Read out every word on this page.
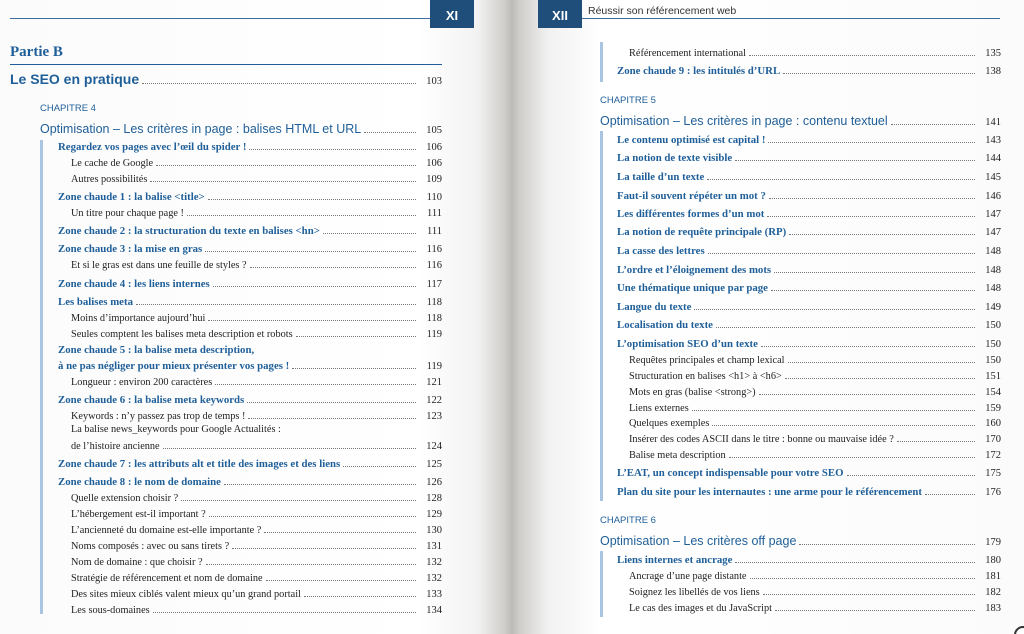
XI
Partie B
Le SEO en pratique	103
CHAPITRE 4
Optimisation – Les critères in page : balises HTML et URL	105
Regardez vos pages avec l’œil du spider !	106
Le cache de Google	106
Autres possibilités	109
Zone chaude 1 : la balise <title>	110
Un titre pour chaque page !	111
Zone chaude 2 : la structuration du texte en balises <hn>	111
Zone chaude 3 : la mise en gras	116
Et si le gras est dans une feuille de styles ?	116
Zone chaude 4 : les liens internes	117
Les balises meta	118
Moins d’importance aujourd’hui	118
Seules comptent les balises meta description et robots	119
Zone chaude 5 : la balise meta description,
à ne pas négliger pour mieux présenter vos pages !	119
Longueur : environ 200 caractères	121
Zone chaude 6 : la balise meta keywords	122
Keywords : n’y passez pas trop de temps !	123
La balise news_keywords pour Google Actualités :
de l’histoire ancienne	124
Zone chaude 7 : les attributs alt et title des images et des liens	125
Zone chaude 8 : le nom de domaine	126
Quelle extension choisir ?	128
L’hébergement est-il important ?	129
L’ancienneté du domaine est-elle importante ?	130
Noms composés : avec ou sans tirets ?	131
Nom de domaine : que choisir ?	132
Stratégie de référencement et nom de domaine	132
Des sites mieux ciblés valent mieux qu’un grand portail	133
Les sous-domaines	134
XII	Réussir son référencement web
Référencement international	135
Zone chaude 9 : les intitulés d’URL	138
CHAPITRE 5
Optimisation – Les critères in page : contenu textuel	141
Le contenu optimisé est capital !	143
La notion de texte visible	144
La taille d’un texte	145
Faut-il souvent répéter un mot ?	146
Les différentes formes d’un mot	147
La notion de requête principale (RP)	147
La casse des lettres	148
L’ordre et l’éloignement des mots	148
Une thématique unique par page	148
Langue du texte	149
Localisation du texte	150
L’optimisation SEO d’un texte	150
Requêtes principales et champ lexical	150
Structuration en balises <h1> à <h6>	151
Mots en gras (balise <strong>)	154
Liens externes	159
Quelques exemples	160
Insérer des codes ASCII dans le titre : bonne ou mauvaise idée ?	170
Balise meta description	172
L’EAT, un concept indispensable pour votre SEO	175
Plan du site pour les internautes : une arme pour le référencement	176
CHAPITRE 6
Optimisation – Les critères off page	179
Liens internes et ancrage	180
Ancrage d’une page distante	181
Soignez les libellés de vos liens	182
Le cas des images et du JavaScript	183
